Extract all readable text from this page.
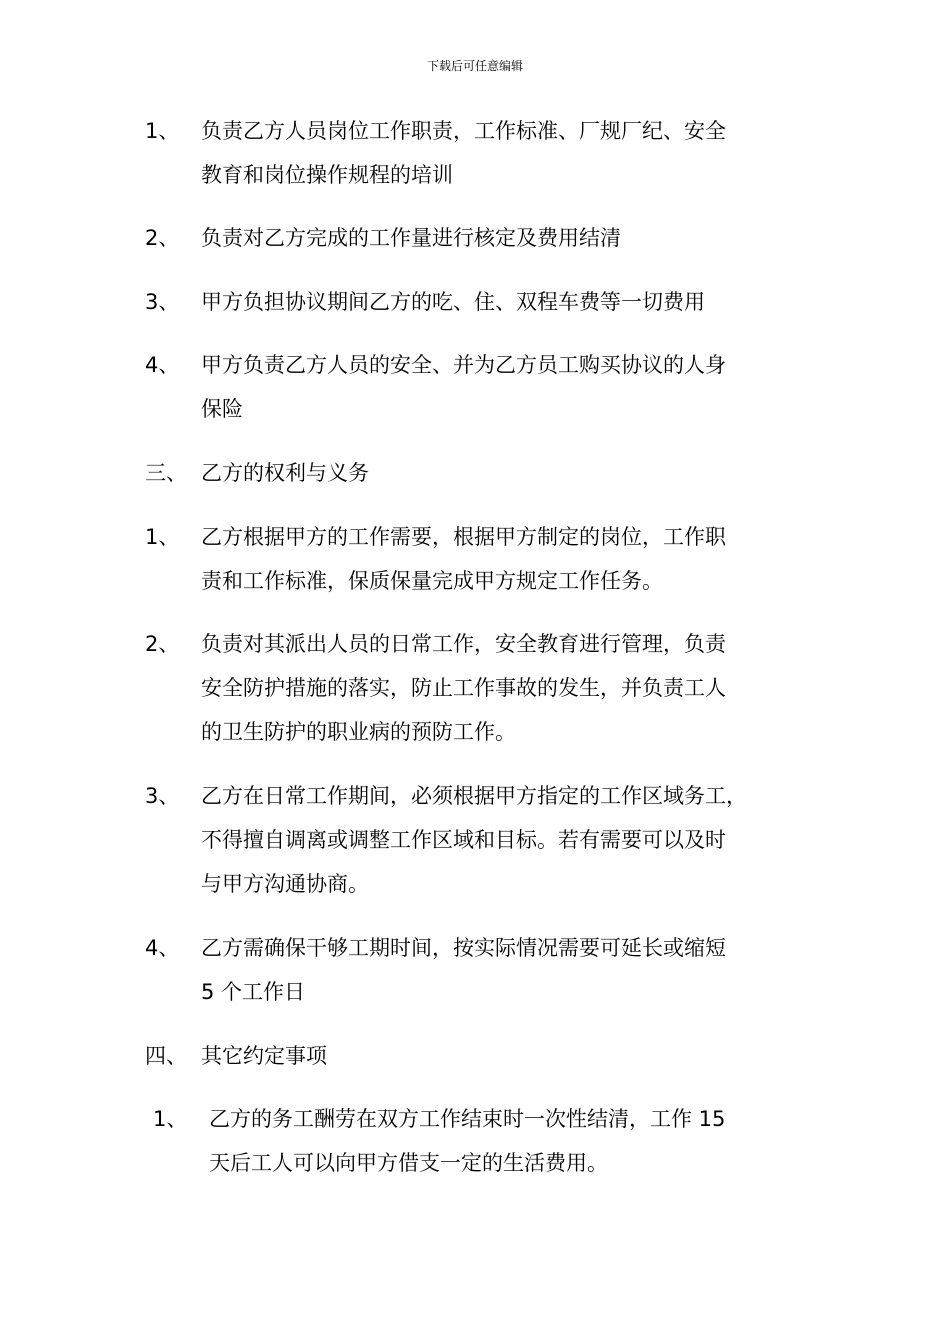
下载后可任意编辑
1、 负责乙方人员岗位工作职责，工作标准、厂规厂纪、安全
教育和岗位操作规程的培训
2、 负责对乙方完成的工作量进行核定及费用结清
3、 甲方负担协议期间乙方的吃、住、双程车费等一切费用
4、 甲方负责乙方人员的安全、并为乙方员工购买协议的人身
保险
三、 乙方的权利与义务
1、 乙方根据甲方的工作需要，根据甲方制定的岗位，工作职
责和工作标准，保质保量完成甲方规定工作任务。
2、 负责对其派出人员的日常工作，安全教育进行管理，负责
安全防护措施的落实，防止工作事故的发生，并负责工人
的卫生防护的职业病的预防工作。
3、 乙方在日常工作期间，必须根据甲方指定的工作区域务工，
不得擅自调离或调整工作区域和目标。若有需要可以及时
与甲方沟通协商。
4、 乙方需确保干够工期时间，按实际情况需要可延长或缩短
5 个工作日
四、 其它约定事项
1、 乙方的务工酬劳在双方工作结束时一次性结清，工作 15
天后工人可以向甲方借支一定的生活费用。
